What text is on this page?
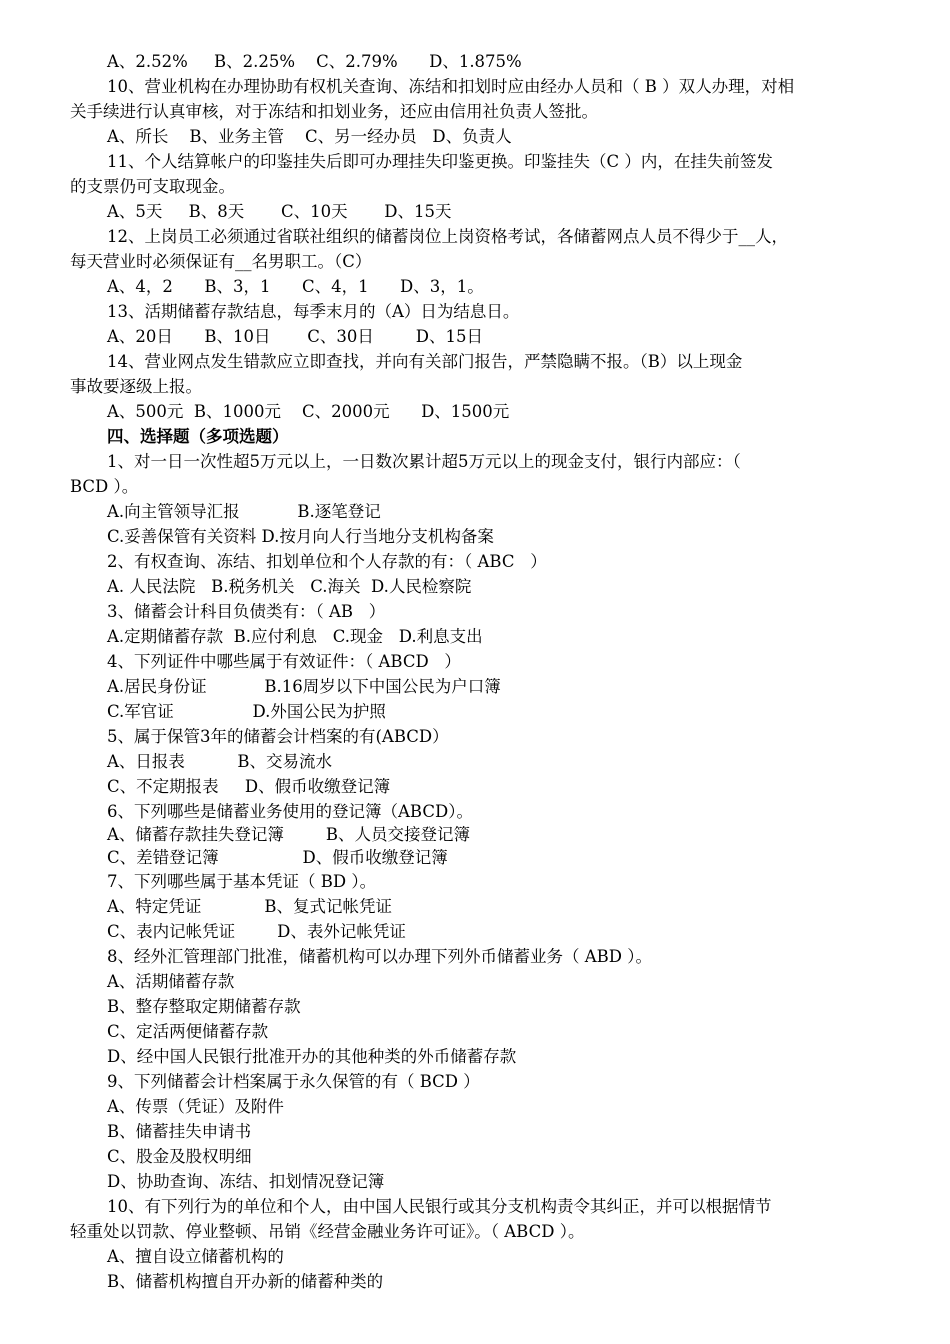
A、2.52%     B、2.25%    C、2.79%      D、1.875%
10、营业机构在办理协助有权机关查询、冻结和扣划时应由经办人员和（ B ）双人办理，对相
关手续进行认真审核，对于冻结和扣划业务，还应由信用社负责人签批。
A、所长    B、业务主管    C、另一经办员   D、负责人
11、个人结算帐户的印鉴挂失后即可办理挂失印鉴更换。印鉴挂失（C ）内，在挂失前签发
的支票仍可支取现金。
A、5天     B、8天       C、10天       D、15天
12、上岗员工必须通过省联社组织的储蓄岗位上岗资格考试，各储蓄网点人员不得少于__人，
每天营业时必须保证有__名男职工。（C）
A、4，2      B、3，1      C、4，1      D、3，1。
13、活期储蓄存款结息，每季末月的（A）日为结息日。
A、20日      B、10日       C、30日        D、15日
14、营业网点发生错款应立即查找，并向有关部门报告，严禁隐瞒不报。（B）以上现金
事故要逐级上报。
A、500元  B、1000元    C、2000元      D、1500元
四、选择题（多项选题）
1、对一日一次性超5万元以上，一日数次累计超5万元以上的现金支付，银行内部应：（
BCD ）。
A.向主管领导汇报           B.逐笔登记
C.妥善保管有关资料 D.按月向人行当地分支机构备案
2、有权查询、冻结、扣划单位和个人存款的有：（ ABC   ）
A. 人民法院   B.税务机关   C.海关  D.人民检察院
3、储蓄会计科目负债类有：（ AB   ）
A.定期储蓄存款  B.应付利息   C.现金   D.利息支出
4、下列证件中哪些属于有效证件：（ ABCD   ）
A.居民身份证           B.16周岁以下中国公民为户口簿
C.军官证               D.外国公民为护照
5、属于保管3年的储蓄会计档案的有(ABCD）
A、日报表          B、交易流水
C、不定期报表     D、假币收缴登记簿
6、下列哪些是储蓄业务使用的登记簿（ABCD）。
A、储蓄存款挂失登记簿        B、人员交接登记簿
C、差错登记簿                D、假币收缴登记簿
7、下列哪些属于基本凭证（ BD ）。
A、特定凭证            B、复式记帐凭证
C、表内记帐凭证        D、表外记帐凭证
8、经外汇管理部门批准，储蓄机构可以办理下列外币储蓄业务（ ABD ）。
A、活期储蓄存款
B、整存整取定期储蓄存款
C、定活两便储蓄存款
D、经中国人民银行批准开办的其他种类的外币储蓄存款
9、下列储蓄会计档案属于永久保管的有（ BCD ）
A、传票（凭证）及附件
B、储蓄挂失申请书
C、股金及股权明细
D、协助查询、冻结、扣划情况登记簿
10、有下列行为的单位和个人，由中国人民银行或其分支机构责令其纠正，并可以根据情节
轻重处以罚款、停业整顿、吊销《经营金融业务许可证》。（ ABCD ）。
A、擅自设立储蓄机构的
B、储蓄机构擅自开办新的储蓄种类的
